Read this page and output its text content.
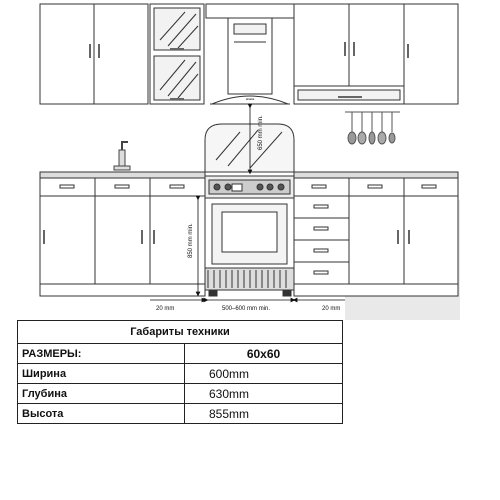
alitalia
650 mm min.
850 mm min.
20 mm	500–600 mm min.	20 mm
Габариты техники	
РАЗМЕРЫ:	60х60
Ширина	600mm
Глубина	630mm
Высота	855mm
